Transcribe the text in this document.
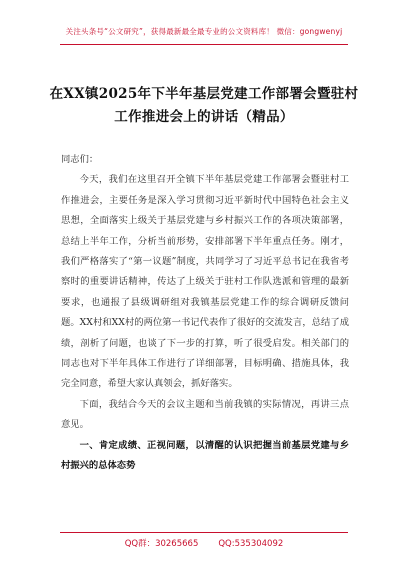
关注头条号“公文研究”，获得最新最全最专业的公文资料库！ 微信：gongwenyj
在XX镇2025年下半年基层党建工作部署会暨驻村
工作推进会上的讲话（精品）

同志们：

今天，我们在这里召开全镇下半年基层党建工作部署会暨驻村工作推进会，主要任务是深入学习贯彻习近平新时代中国特色社会主义思想，全面落实上级关于基层党建与乡村振兴工作的各项决策部署，总结上半年工作，分析当前形势，安排部署下半年重点任务。刚才，我们严格落实了“第一议题”制度，共同学习了习近平总书记在我省考察时的重要讲话精神，传达了上级关于驻村工作队选派和管理的最新要求，也通报了县级调研组对我镇基层党建工作的综合调研反馈问题。XX村和XX村的两位第一书记代表作了很好的交流发言，总结了成绩，剖析了问题，也谈了下一步的打算，听了很受启发。相关部门的同志也对下半年具体工作进行了详细部署，目标明确、措施具体，我完全同意，希望大家认真领会，抓好落实。

下面，我结合今天的会议主题和当前我镇的实际情况，再讲三点意见。

一、肯定成绩、正视问题，以清醒的认识把握当前基层党建与乡村振兴的总体态势

QQ群：30265665 QQ:535304092
